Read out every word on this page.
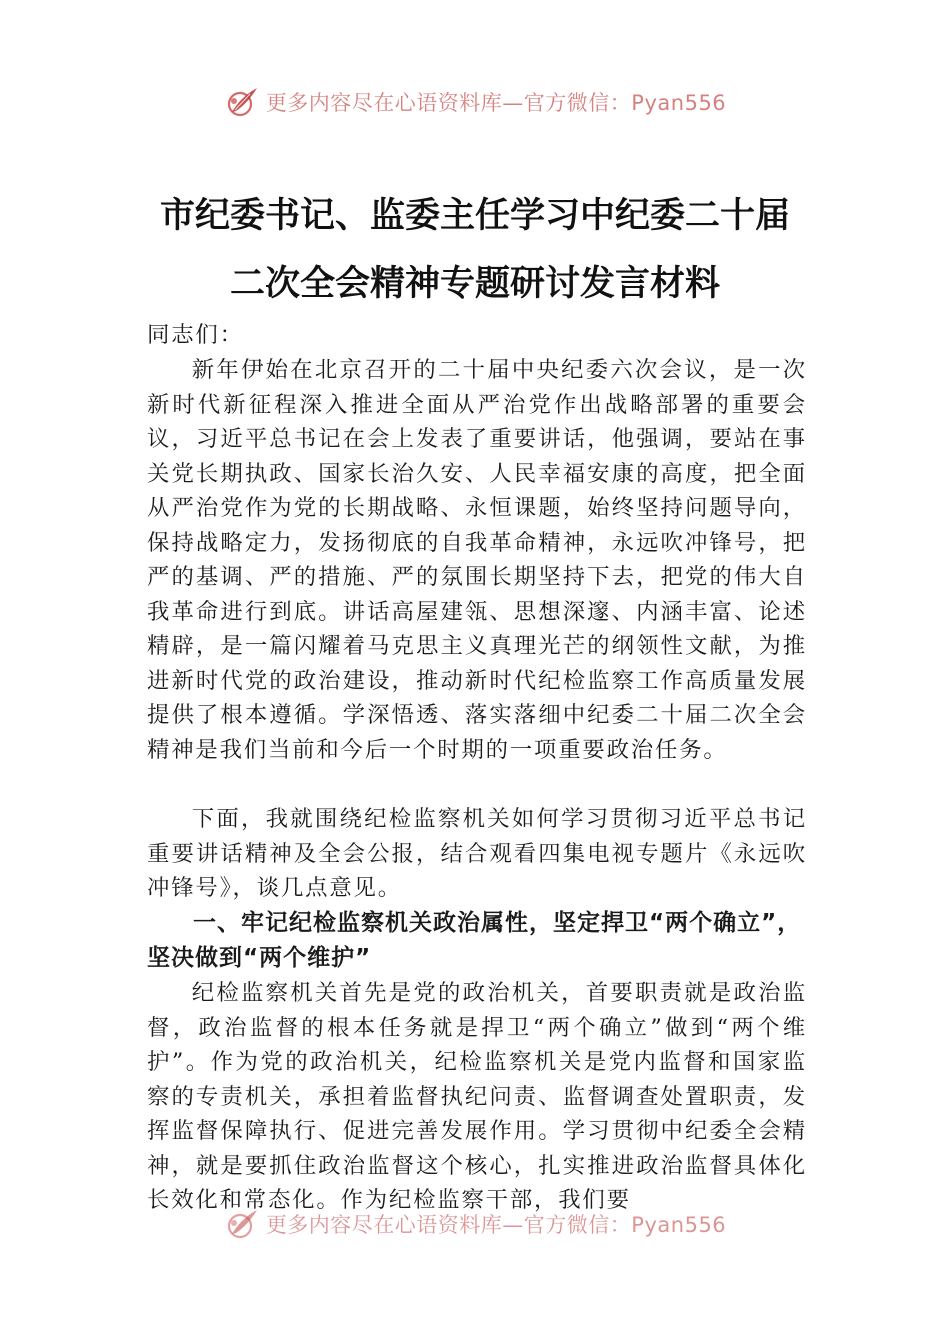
更多内容尽在心语资料库—官方微信：Pyan556
市纪委书记、监委主任学习中纪委二十届
二次全会精神专题研讨发言材料

同志们：

新年伊始在北京召开的二十届中央纪委六次会议，是一次新时代新征程深入推进全面从严治党作出战略部署的重要会议，习近平总书记在会上发表了重要讲话，他强调，要站在事关党长期执政、国家长治久安、人民幸福安康的高度，把全面从严治党作为党的长期战略、永恒课题，始终坚持问题导向，保持战略定力，发扬彻底的自我革命精神，永远吹冲锋号，把严的基调、严的措施、严的氛围长期坚持下去，把党的伟大自我革命进行到底。讲话高屋建瓴、思想深邃、内涵丰富、论述精辟，是一篇闪耀着马克思主义真理光芒的纲领性文献，为推进新时代党的政治建设，推动新时代纪检监察工作高质量发展提供了根本遵循。学深悟透、落实落细中纪委二十届二次全会精神是我们当前和今后一个时期的一项重要政治任务。

下面，我就围绕纪检监察机关如何学习贯彻习近平总书记重要讲话精神及全会公报，结合观看四集电视专题片《永远吹冲锋号》，谈几点意见。

一、牢记纪检监察机关政治属性，坚定捍卫“两个确立”，坚决做到“两个维护”

纪检监察机关首先是党的政治机关，首要职责就是政治监督，政治监督的根本任务就是捍卫“两个确立”做到“两个维护”。作为党的政治机关，纪检监察机关是党内监督和国家监察的专责机关，承担着监督执纪问责、监督调查处置职责，发挥监督保障执行、促进完善发展作用。学习贯彻中纪委全会精神，就是要抓住政治监督这个核心，扎实推进政治监督具体化长效化和常态化。作为纪检监察干部，我们要

更多内容尽在心语资料库—官方微信：Pyan556
